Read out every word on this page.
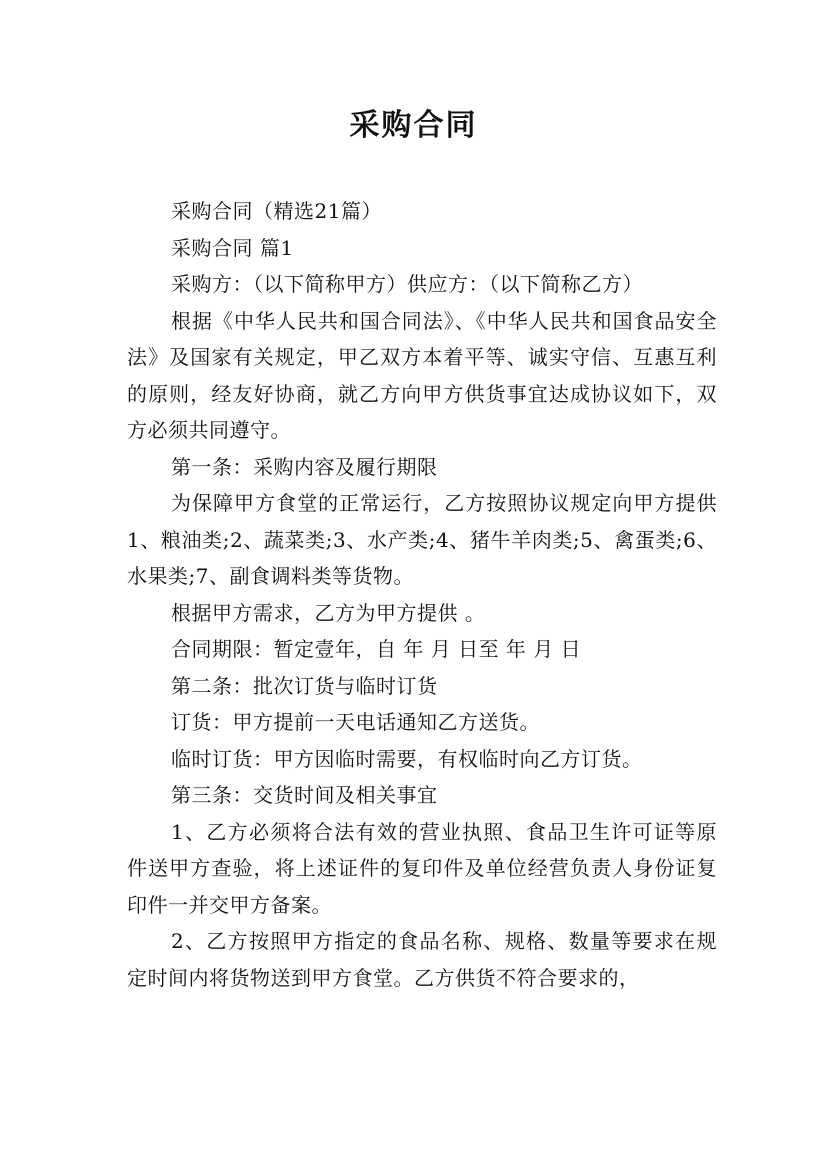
采购合同

采购合同（精选21篇）

采购合同 篇1

采购方：（以下简称甲方）供应方：（以下简称乙方）

根据《中华人民共和国合同法》、《中华人民共和国食品安全法》及国家有关规定，甲乙双方本着平等、诚实守信、互惠互利的原则，经友好协商，就乙方向甲方供货事宜达成协议如下，双方必须共同遵守。

第一条：采购内容及履行期限

为保障甲方食堂的正常运行，乙方按照协议规定向甲方提供1、粮油类;2、蔬菜类;3、水产类;4、猪牛羊肉类;5、禽蛋类;6、水果类;7、副食调料类等货物。

根据甲方需求，乙方为甲方提供 。

合同期限：暂定壹年，自 年 月 日至 年 月 日

第二条：批次订货与临时订货

订货：甲方提前一天电话通知乙方送货。

临时订货：甲方因临时需要，有权临时向乙方订货。

第三条：交货时间及相关事宜

1、乙方必须将合法有效的营业执照、食品卫生许可证等原件送甲方查验，将上述证件的复印件及单位经营负责人身份证复印件一并交甲方备案。

2、乙方按照甲方指定的食品名称、规格、数量等要求在规定时间内将货物送到甲方食堂。乙方供货不符合要求的，
